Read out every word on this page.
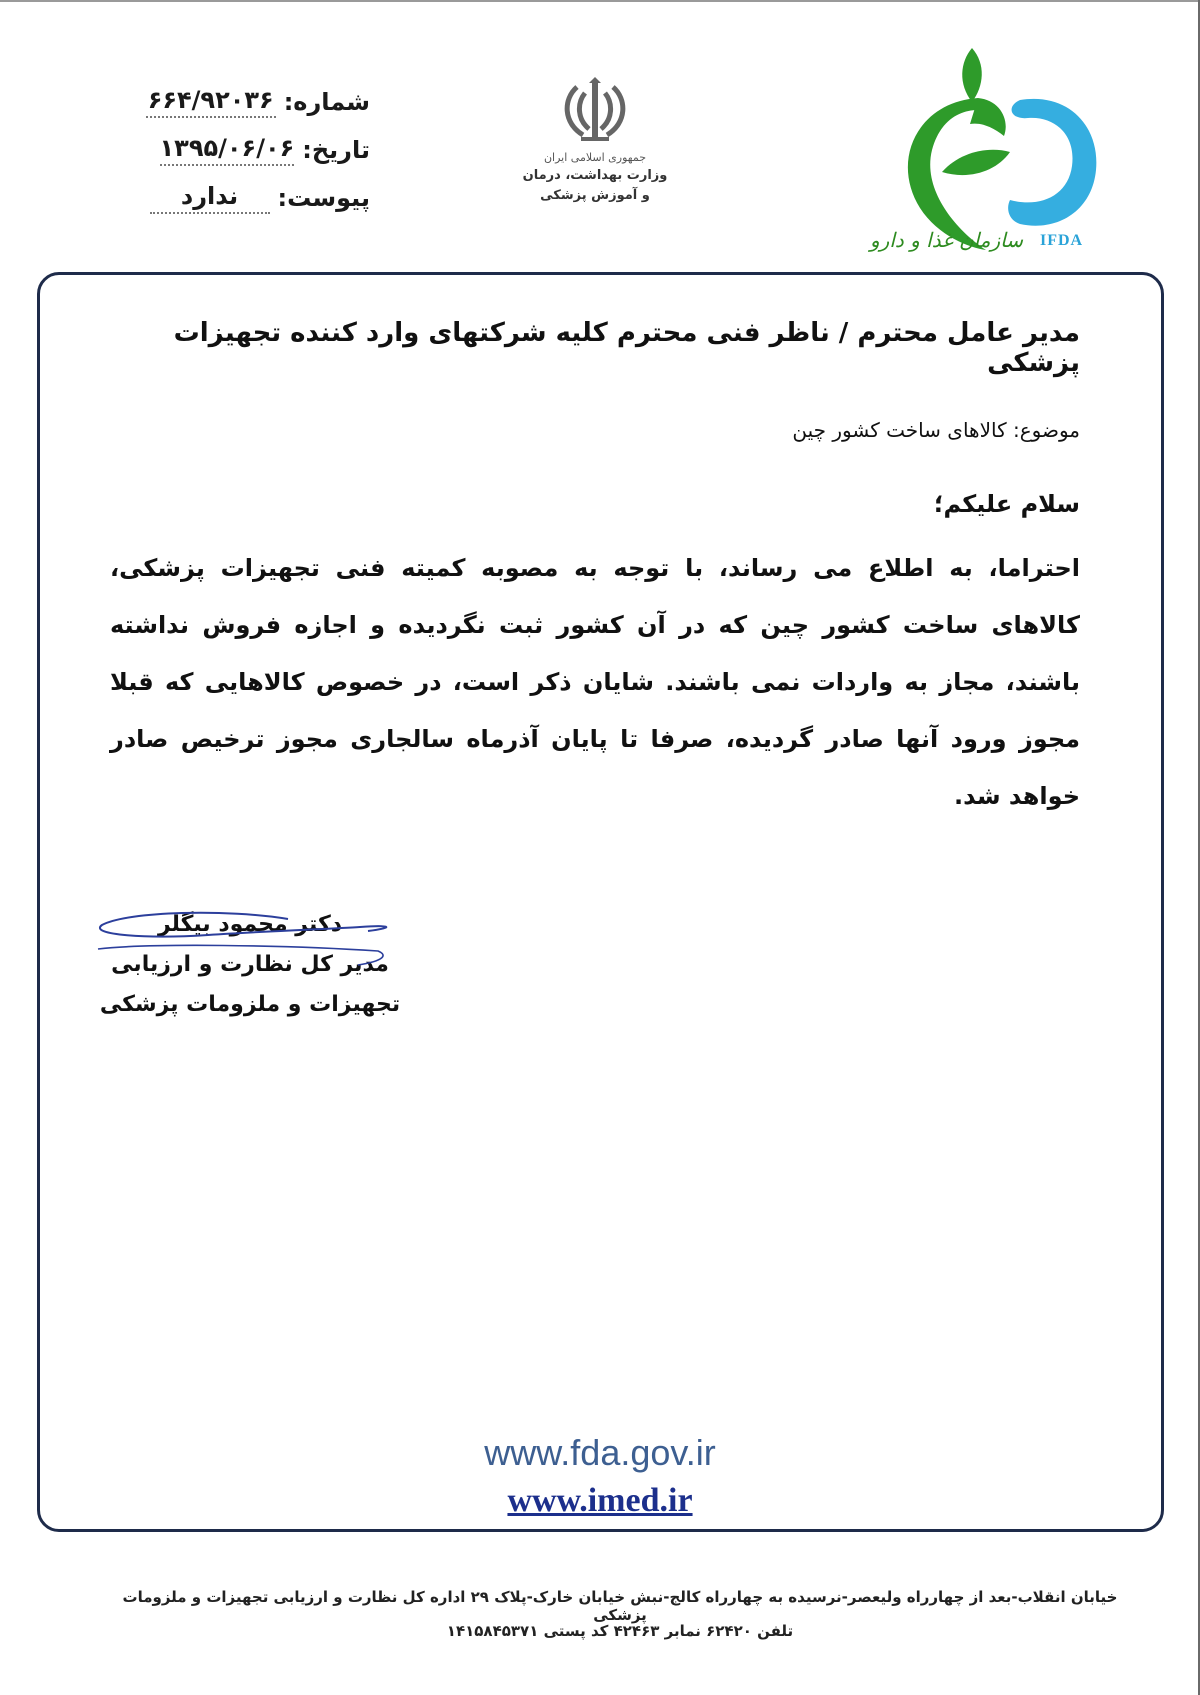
شماره:
۶۶۴/۹۲۰۳۶
تاریخ:
۱۳۹۵/۰۶/۰۶
پیوست:
ندارد
جمهوری اسلامی ایران
وزارت بهداشت، درمان
و آموزش پزشکی
سازمان غذا و دارو IFDA
مدیر عامل محترم / ناظر فنی محترم کلیه شرکتهای وارد کننده تجهیزات پزشکی
موضوع: کالاهای ساخت کشور چین
سلام علیکم؛
احتراما، به اطلاع می رساند، با توجه به مصوبه کمیته فنی تجهیزات پزشکی، کالاهای ساخت کشور چین که در آن کشور ثبت نگردیده و اجازه فروش نداشته باشند، مجاز به واردات نمی باشند. شایان ذکر است، در خصوص کالاهایی که قبلا مجوز ورود آنها صادر گردیده، صرفا تا پایان آذرماه سالجاری مجوز ترخیص صادر خواهد شد.
دکتر محمود بیگلر
مدیر کل نظارت و ارزیابی
تجهیزات و ملزومات پزشکی
www.fda.gov.ir
www.imed.ir
خیابان انقلاب-بعد از چهارراه ولیعصر-نرسیده به چهارراه کالج-نبش خیابان خارک-پلاک ۲۹ اداره کل نظارت و ارزیابی تجهیزات و ملزومات پزشکی
تلفن ۶۲۴۲۰ نمابر ۴۲۴۶۳ کد پستی ۱۴۱۵۸۴۵۳۷۱
